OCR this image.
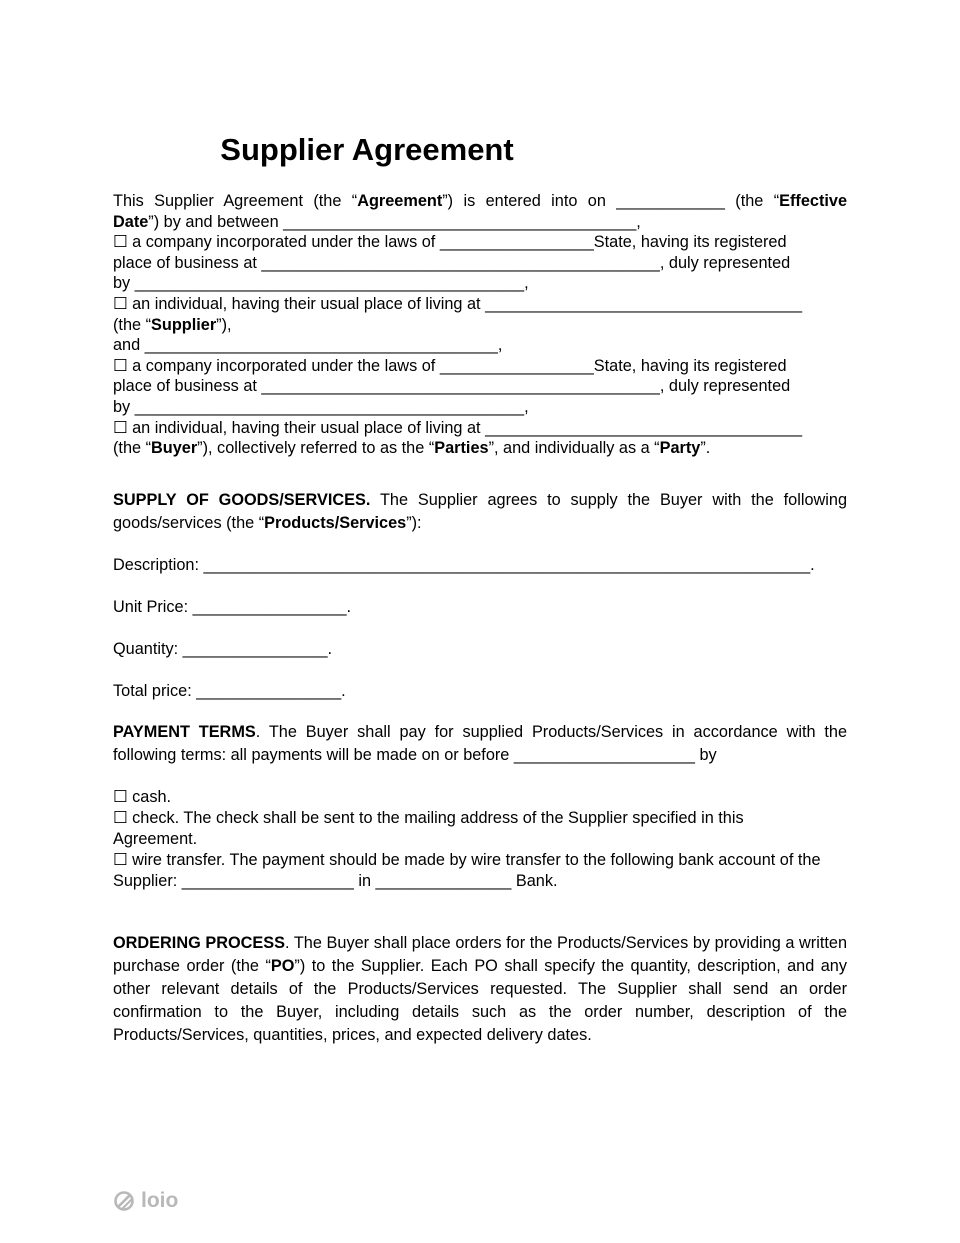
Supplier Agreement
This Supplier Agreement (the “Agreement”) is entered into on ____________ (the “Effective
Date”) by and between _______________________________________,
☐ a company incorporated under the laws of _________________State, having its registered
place of business at ____________________________________________, duly represented
by ___________________________________________,
☐ an individual, having their usual place of living at ___________________________________
(the “Supplier”),
and _______________________________________,
☐ a company incorporated under the laws of _________________State, having its registered
place of business at ____________________________________________, duly represented
by ___________________________________________,
☐ an individual, having their usual place of living at ___________________________________
(the “Buyer”), collectively referred to as the “Parties”, and individually as a “Party”.
SUPPLY OF GOODS/SERVICES. The Supplier agrees to supply the Buyer with the following goods/services (the “Products/Services”):
Description: ___________________________________________________________________.
Unit Price: _________________.
Quantity: ________________.
Total price: ________________.
PAYMENT TERMS. The Buyer shall pay for supplied Products/Services in accordance with the following terms: all payments will be made on or before ____________________ by
☐ cash.
☐ check. The check shall be sent to the mailing address of the Supplier specified in this Agreement.
☐ wire transfer. The payment should be made by wire transfer to the following bank account of the Supplier: ___________________ in _______________ Bank.
ORDERING PROCESS. The Buyer shall place orders for the Products/Services by providing a written purchase order (the “PO”) to the Supplier. Each PO shall specify the quantity, description, and any other relevant details of the Products/Services requested. The Supplier shall send an order confirmation to the Buyer, including details such as the order number, description of the Products/Services, quantities, prices, and expected delivery dates.
loio
